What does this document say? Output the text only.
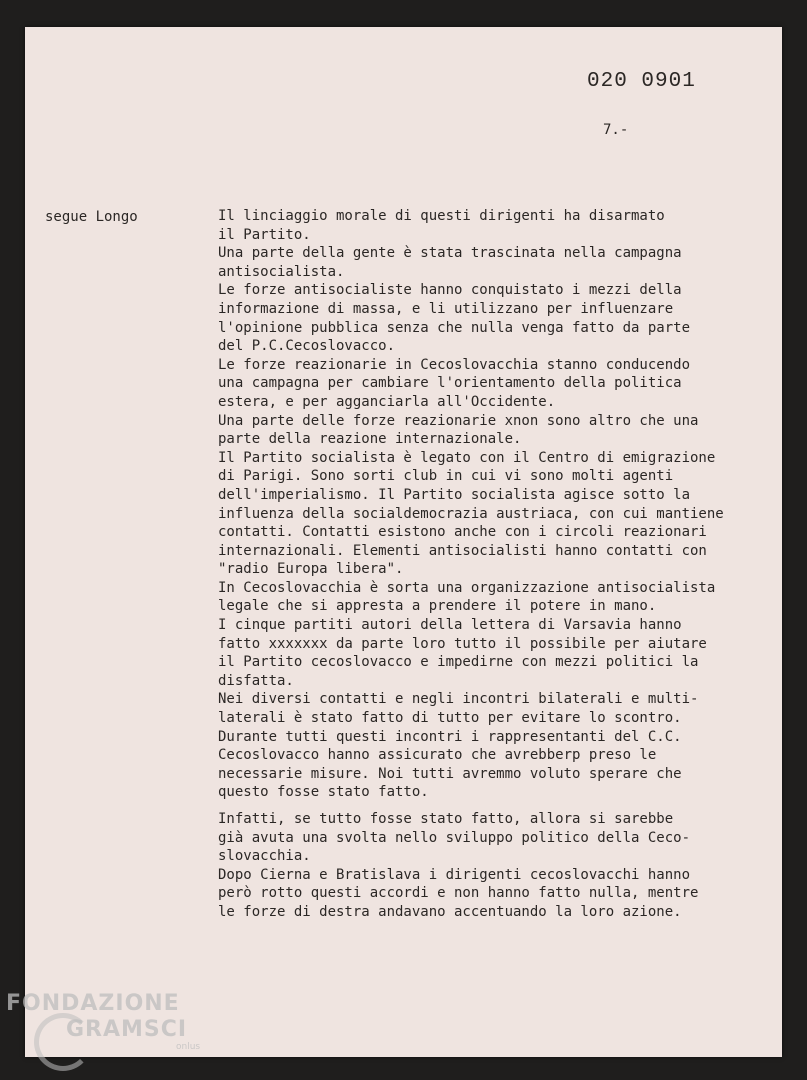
020 0901
7.-
segue Longo	Il linciaggio morale di questi dirigenti ha disarmato
il Partito.
Una parte della gente è stata trascinata nella campagna
antisocialista.
Le forze antisocialiste hanno conquistato i mezzi della
informazione di massa, e li utilizzano per influenzare
l'opinione pubblica senza che nulla venga fatto da parte
del P.C.Cecoslovacco.
Le forze reazionarie in Cecoslovacchia stanno conducendo
una campagna per cambiare l'orientamento della politica
estera, e per agganciarla all'Occidente.
Una parte delle forze reazionarie xnon sono altro che una
parte della reazione internazionale.
Il Partito socialista è legato con il Centro di emigrazione
di Parigi. Sono sorti club in cui vi sono molti agenti
dell'imperialismo. Il Partito socialista agisce sotto la
influenza della socialdemocrazia austriaca, con cui mantiene
contatti. Contatti esistono anche con i circoli reazionari
internazionali. Elementi antisocialisti hanno contatti con
"radio Europa libera".
In Cecoslovacchia è sorta una organizzazione antisocialista
legale che si appresta a prendere il potere in mano.
I cinque partiti autori della lettera di Varsavia hanno
fatto xxxxxxx da parte loro tutto il possibile per aiutare
il Partito cecoslovacco e impedirne con mezzi politici la
disfatta.
Nei diversi contatti e negli incontri bilaterali e multi-
laterali è stato fatto di tutto per evitare lo scontro.
Durante tutti questi incontri i rappresentanti del C.C.
Cecoslovacco hanno assicurato che avrebberp preso le
necessarie misure. Noi tutti avremmo voluto sperare che
questo fosse stato fatto.
Infatti, se tutto fosse stato fatto, allora si sarebbe
già avuta una svolta nello sviluppo politico della Ceco-
slovacchia.
Dopo Cierna e Bratislava i dirigenti cecoslovacchi hanno
però rotto questi accordi e non hanno fatto nulla, mentre
le forze di destra andavano accentuando la loro azione.
FONDAZIONE
GRAMSCI
onlus
